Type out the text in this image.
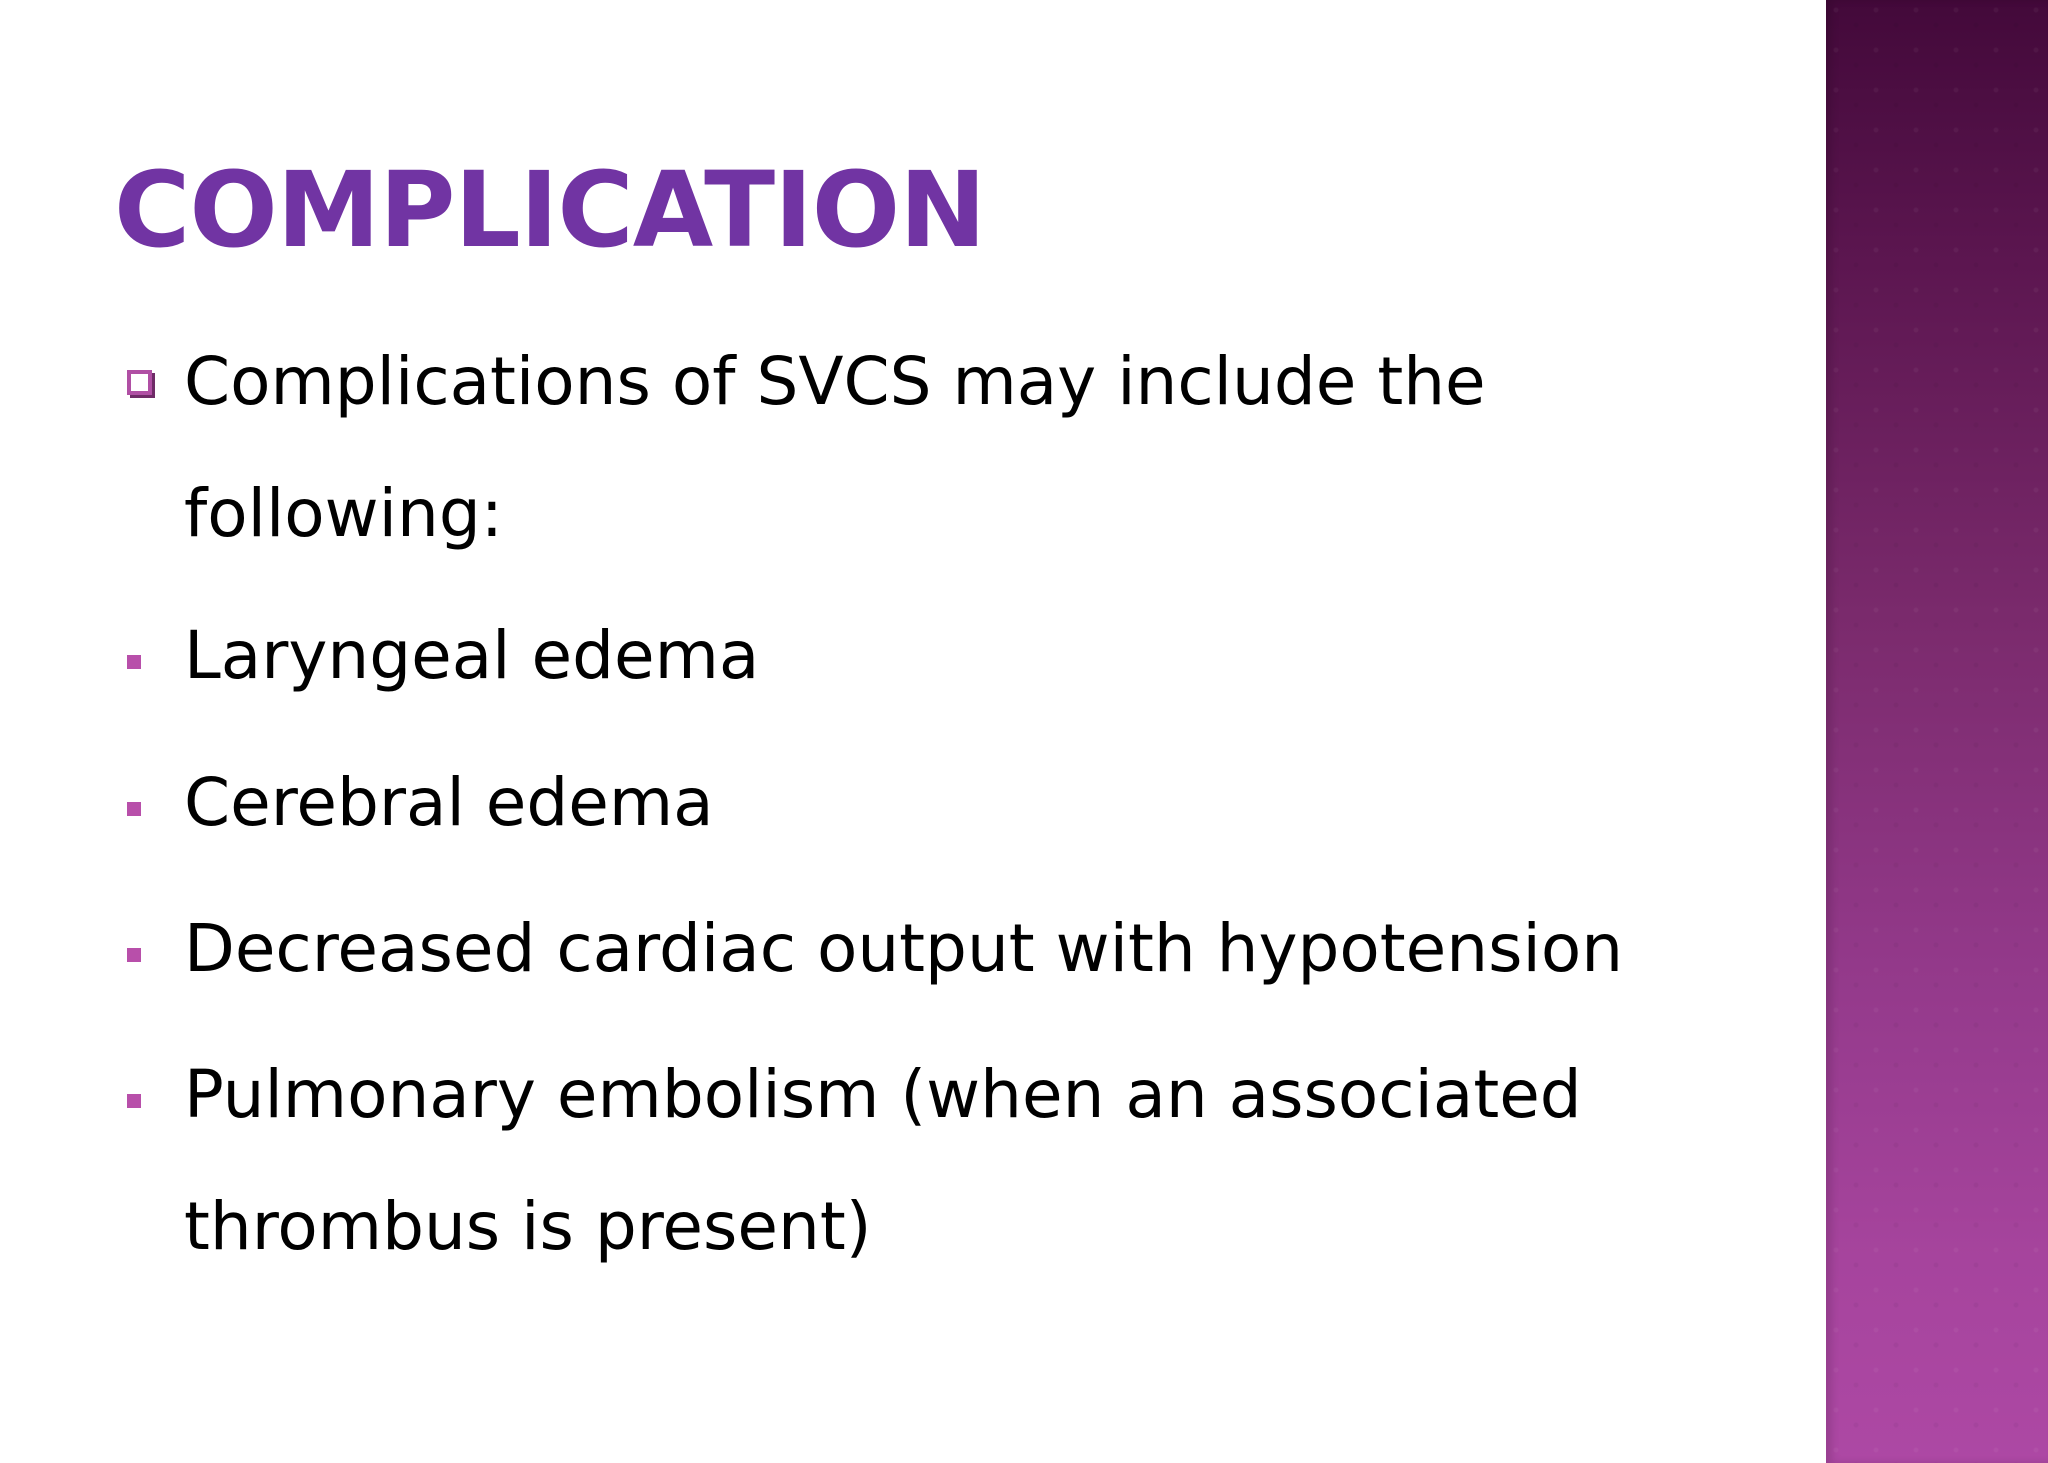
COMPLICATION
Complications of SVCS may include the
following:
Laryngeal edema
Cerebral edema
Decreased cardiac output with hypotension
Pulmonary embolism (when an associated
thrombus is present)
